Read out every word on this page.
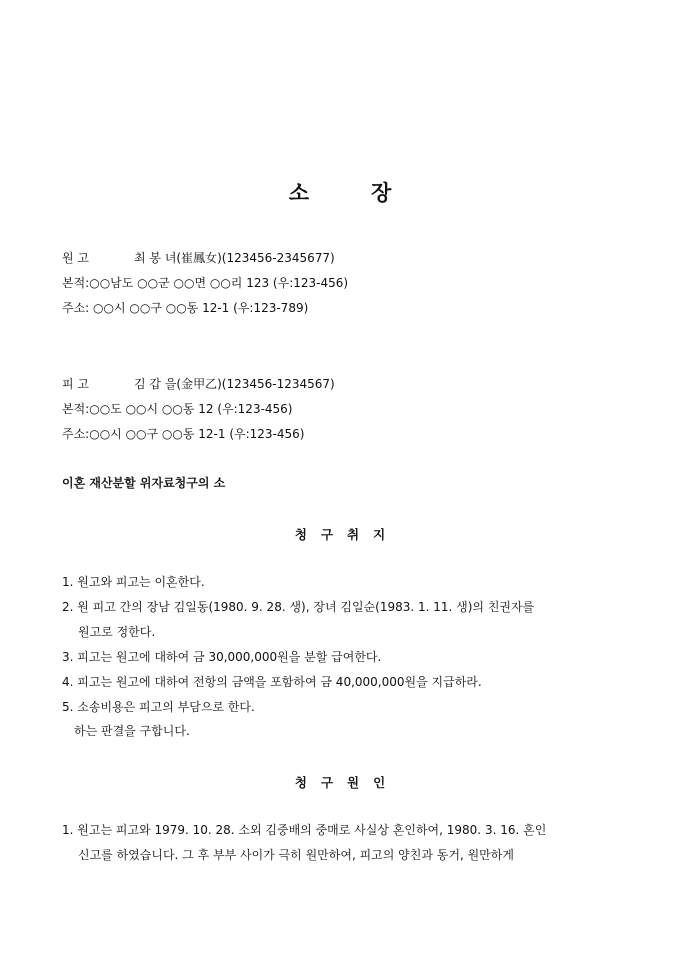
소	장
원 고	최 봉 녀(崔鳳女)(123456-2345677)
본적:○○남도 ○○군 ○○면 ○○리 123 (우:123-456)
주소: ○○시 ○○구 ○○동 12-1 (우:123-789)
피 고	김 갑 을(金甲乙)(123456-1234567)
본적:○○도 ○○시 ○○동 12 (우:123-456)
주소:○○시 ○○구 ○○동 12-1 (우:123-456)
이혼 재산분할 위자료청구의 소
청 구 취 지
1. 원고와 피고는 이혼한다.
2. 원 피고 간의 장남 김일동(1980. 9. 28. 생), 장녀 김일순(1983. 1. 11. 생)의 친권자를
원고로 정한다.
3. 피고는 원고에 대하여 금 30,000,000원을 분할 급여한다.
4. 피고는 원고에 대하여 전항의 금액을 포함하여 금 40,000,000원을 지급하라.
5. 소송비용은 피고의 부담으로 한다.
하는 판결을 구합니다.
청 구 원 인
1. 원고는 피고와 1979. 10. 28. 소외 김중배의 중매로 사실상 혼인하여, 1980. 3. 16. 혼인
신고를 하였습니다. 그 후 부부 사이가 극히 원만하여, 피고의 양친과 동거, 원만하게
